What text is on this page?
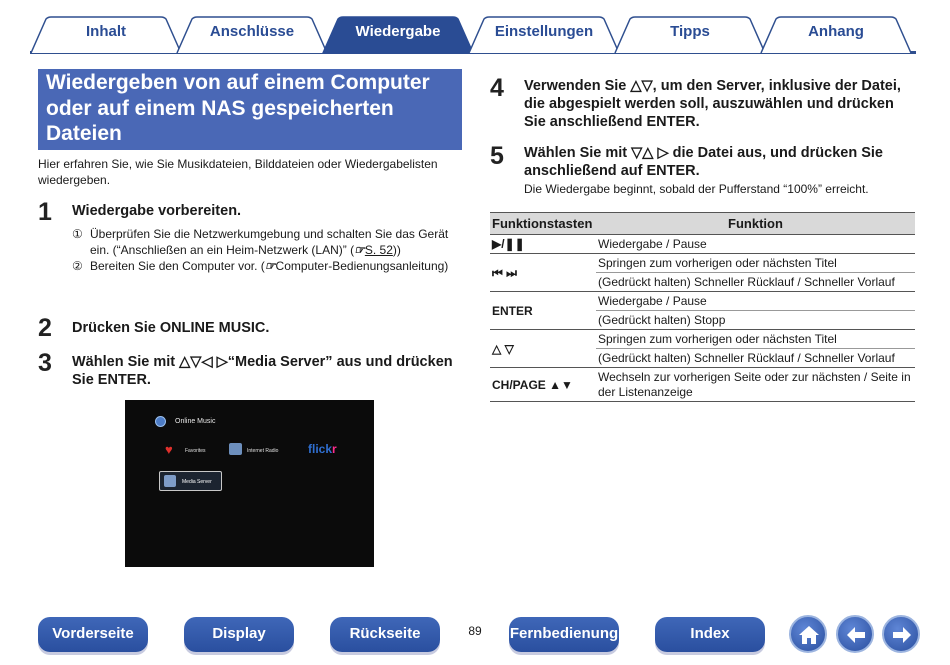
Inhalt	Anschlüsse	Wiedergabe	Einstellungen	Tipps	Anhang
Wiedergeben von auf einem Computer oder auf einem NAS gespeicherten Dateien
Hier erfahren Sie, wie Sie Musikdateien, Bilddateien oder Wiedergabelisten wiedergeben.
1 Wiedergabe vorbereiten.
① Überprüfen Sie die Netzwerkumgebung und schalten Sie das Gerät ein. (“Anschließen an ein Heim-Netzwerk (LAN)” (☞S. 52))
② Bereiten Sie den Computer vor. (☞Computer-Bedienungsanleitung)
2 Drücken Sie ONLINE MUSIC.
3 Wählen Sie mit △▽◁ ▷“Media Server” aus und drücken Sie ENTER.
Online Music
♥ Favorites	Internet Radio flickr
Media Server
4 Verwenden Sie △▽, um den Server, inklusive der Datei, die abgespielt werden soll, auszuwählen und drücken Sie anschließend ENTER.
5 Wählen Sie mit ▽△ ▷ die Datei aus, und drücken Sie anschließend auf ENTER.
Die Wiedergabe beginnt, sobald der Pufferstand “100%” erreicht.
Funktionstasten	Funktion
▶/❚❚	Wiedergabe / Pause
⏮ ⏭	Springen zum vorherigen oder nächsten Titel
	(Gedrückt halten) Schneller Rücklauf / Schneller Vorlauf
ENTER	Wiedergabe / Pause
	(Gedrückt halten) Stopp
△ ▽	Springen zum vorherigen oder nächsten Titel
	(Gedrückt halten) Schneller Rücklauf / Schneller Vorlauf
CH/PAGE ▲▼	Wechseln zur vorherigen Seite oder zur nächsten / Seite in der Listenanzeige
Vorderseite	Display	Rückseite	89	Fernbedienung	Index
